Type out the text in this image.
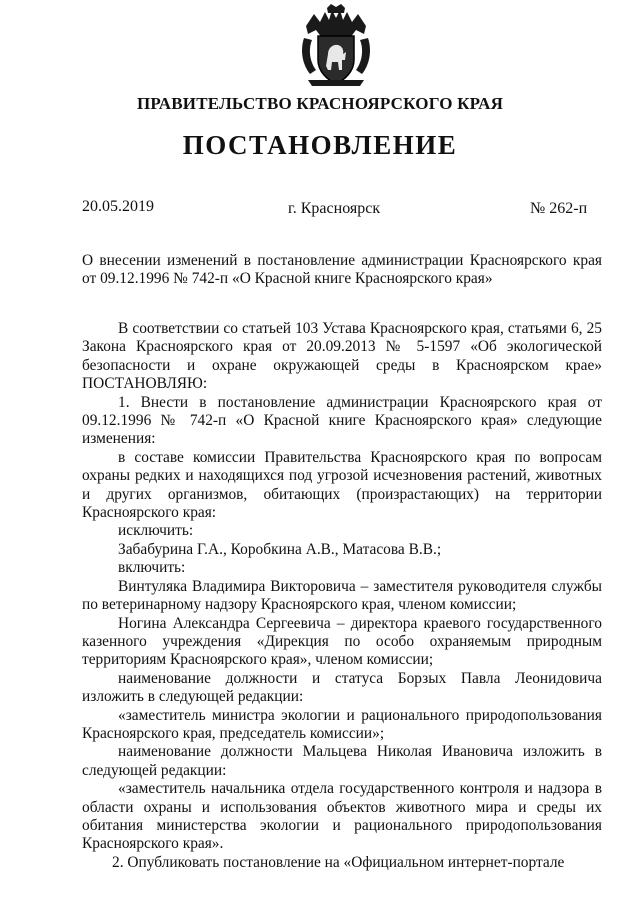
ПРАВИТЕЛЬСТВО КРАСНОЯРСКОГО КРАЯ
ПОСТАНОВЛЕНИЕ
20.05.2019	г. Красноярск	№ 262-п
О внесении изменений в постановление администрации Красноярского края от 09.12.1996 № 742-п «О Красной книге Красноярского края»

В соответствии со статьей 103 Устава Красноярского края, статьями 6, 25 Закона Красноярского края от 20.09.2013 № 5-1597 «Об экологической безопасности и охране окружающей среды в Красноярском крае» ПОСТАНОВЛЯЮ:

1. Внести в постановление администрации Красноярского края от 09.12.1996 № 742-п «О Красной книге Красноярского края» следующие изменения:

в составе комиссии Правительства Красноярского края по вопросам охраны редких и находящихся под угрозой исчезновения растений, животных и других организмов, обитающих (произрастающих) на территории Красноярского края:

исключить:

Забабурина Г.А., Коробкина А.В., Матасова В.В.;

включить:

Винтуляка Владимира Викторовича – заместителя руководителя службы по ветеринарному надзору Красноярского края, членом комиссии;

Ногина Александра Сергеевича – директора краевого государственного казенного учреждения «Дирекция по особо охраняемым природным территориям Красноярского края», членом комиссии;

наименование должности и статуса Борзых Павла Леонидовича изложить в следующей редакции:

«заместитель министра экологии и рационального природопользования Красноярского края, председатель комиссии»;

наименование должности Мальцева Николая Ивановича изложить в следующей редакции:

«заместитель начальника отдела государственного контроля и надзора в области охраны и использования объектов животного мира и среды их обитания министерства экологии и рационального природопользования Красноярского края».

2. Опубликовать постановление на «Официальном интернет-портале
